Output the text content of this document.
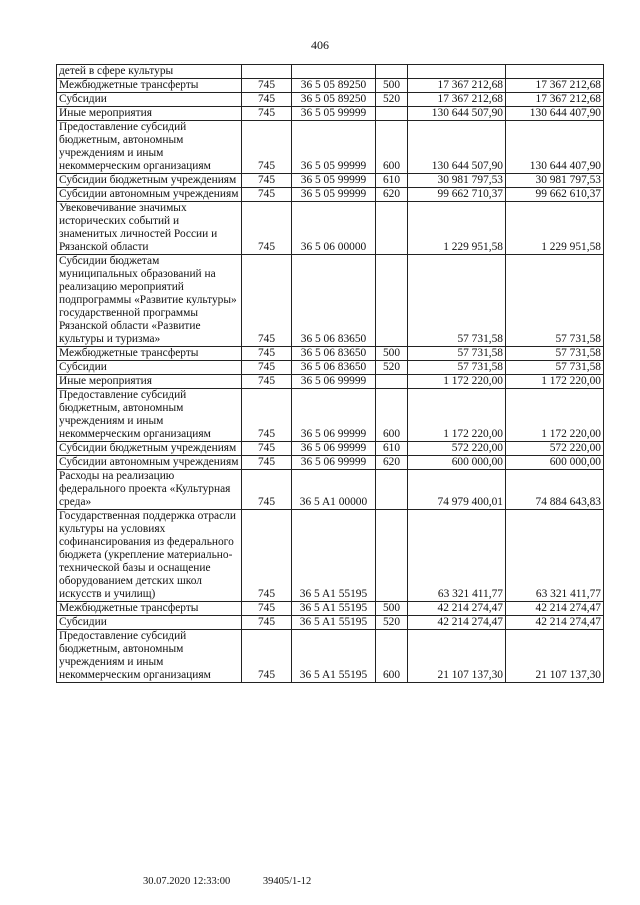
406
детей в сфере культуры					
Межбюджетные трансферты	745	36 5 05 89250	500	17 367 212,68	17 367 212,68
Субсидии	745	36 5 05 89250	520	17 367 212,68	17 367 212,68
Иные мероприятия	745	36 5 05 99999		130 644 507,90	130 644 407,90
Предоставление субсидий бюджетным, автономным учреждениям и иным некоммерческим организациям	745	36 5 05 99999	600	130 644 507,90	130 644 407,90
Субсидии бюджетным учреждениям	745	36 5 05 99999	610	30 981 797,53	30 981 797,53
Субсидии автономным учреждениям	745	36 5 05 99999	620	99 662 710,37	99 662 610,37
Увековечивание значимых исторических событий и знаменитых личностей России и Рязанской области	745	36 5 06 00000		1 229 951,58	1 229 951,58
Субсидии бюджетам муниципальных образований на реализацию мероприятий подпрограммы «Развитие культуры» государственной программы Рязанской области «Развитие культуры и туризма»	745	36 5 06 83650		57 731,58	57 731,58
Межбюджетные трансферты	745	36 5 06 83650	500	57 731,58	57 731,58
Субсидии	745	36 5 06 83650	520	57 731,58	57 731,58
Иные мероприятия	745	36 5 06 99999		1 172 220,00	1 172 220,00
Предоставление субсидий бюджетным, автономным учреждениям и иным некоммерческим организациям	745	36 5 06 99999	600	1 172 220,00	1 172 220,00
Субсидии бюджетным учреждениям	745	36 5 06 99999	610	572 220,00	572 220,00
Субсидии автономным учреждениям	745	36 5 06 99999	620	600 000,00	600 000,00
Расходы на реализацию федерального проекта «Культурная среда»	745	36 5 A1 00000		74 979 400,01	74 884 643,83
Государственная поддержка отрасли культуры на условиях софинансирования из федерального бюджета (укрепление материально-технической базы и оснащение оборудованием детских школ искусств и училищ)	745	36 5 A1 55195		63 321 411,77	63 321 411,77
Межбюджетные трансферты	745	36 5 A1 55195	500	42 214 274,47	42 214 274,47
Субсидии	745	36 5 A1 55195	520	42 214 274,47	42 214 274,47
Предоставление субсидий бюджетным, автономным учреждениям и иным некоммерческим организациям	745	36 5 A1 55195	600	21 107 137,30	21 107 137,30
30.07.2020 12:33:00	39405/1-12
